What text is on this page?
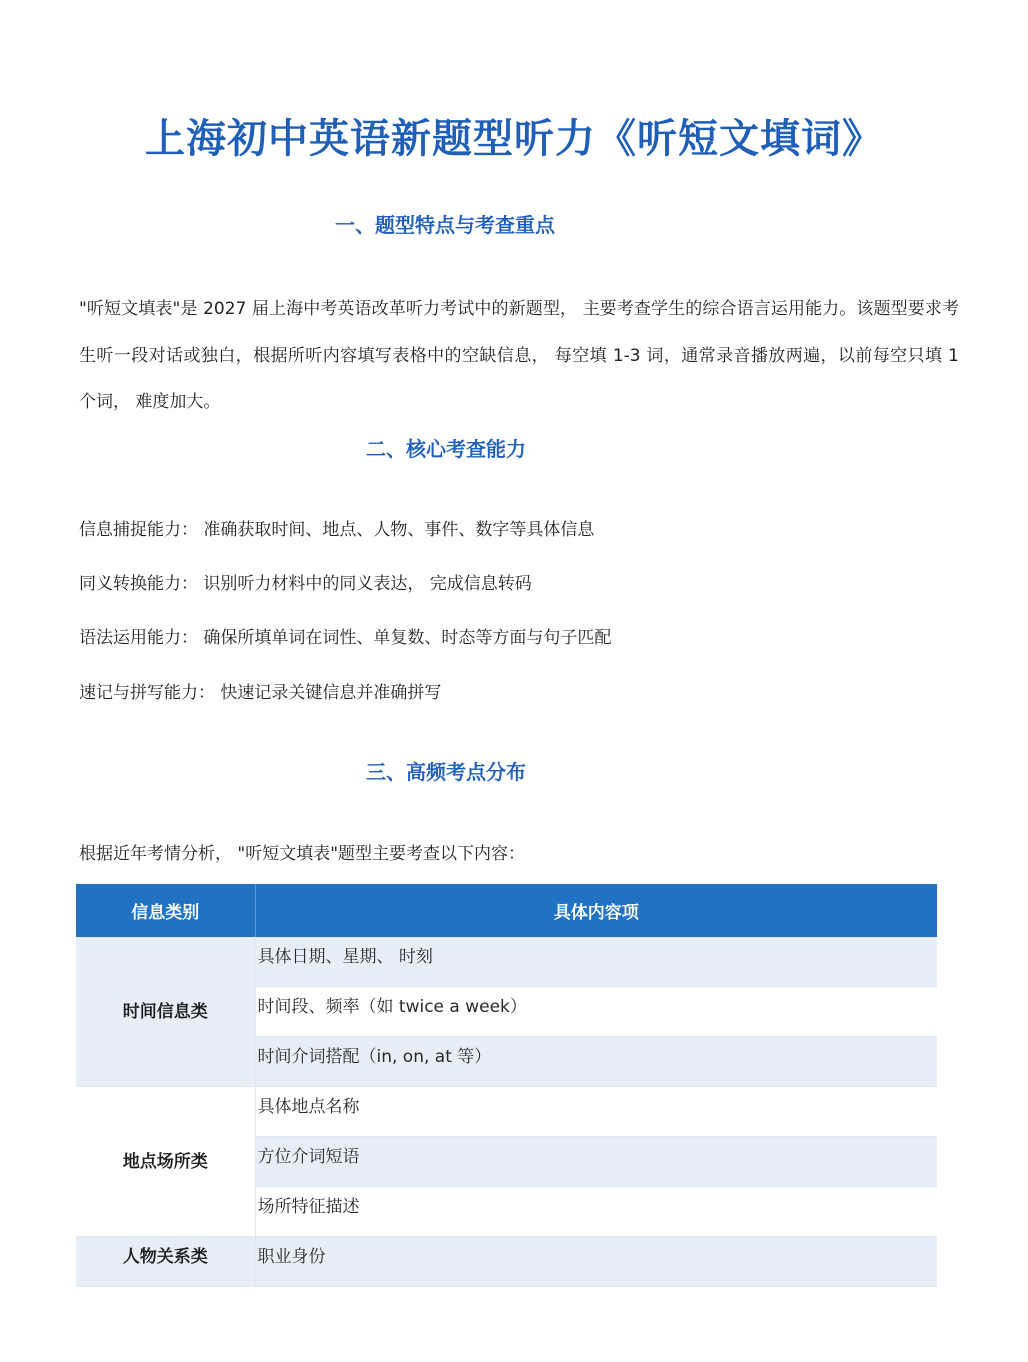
上海初中英语新题型听力《听短文填词》
一、题型特点与考查重点

"听短文填表"是 2027 届上海中考英语改革听力考试中的新题型， 主要考查学生的综合语言运用能力。该题型要求考生听一段对话或独白，根据所听内容填写表格中的空缺信息， 每空填 1-3 词，通常录音播放两遍，以前每空只填 1 个词， 难度加大。

二、核心考查能力

信息捕捉能力： 准确获取时间、地点、人物、事件、数字等具体信息

同义转换能力： 识别听力材料中的同义表达， 完成信息转码

语法运用能力： 确保所填单词在词性、单复数、时态等方面与句子匹配

速记与拼写能力： 快速记录关键信息并准确拼写

三、高频考点分布

根据近年考情分析， "听短文填表"题型主要考查以下内容：

信息类别	具体内容项
时间信息类	具体日期、星期、 时刻
	时间段、频率（如 twice a week）
	时间介词搭配（in, on, at 等）
地点场所类	具体地点名称
	方位介词短语
	场所特征描述
人物关系类	职业身份
